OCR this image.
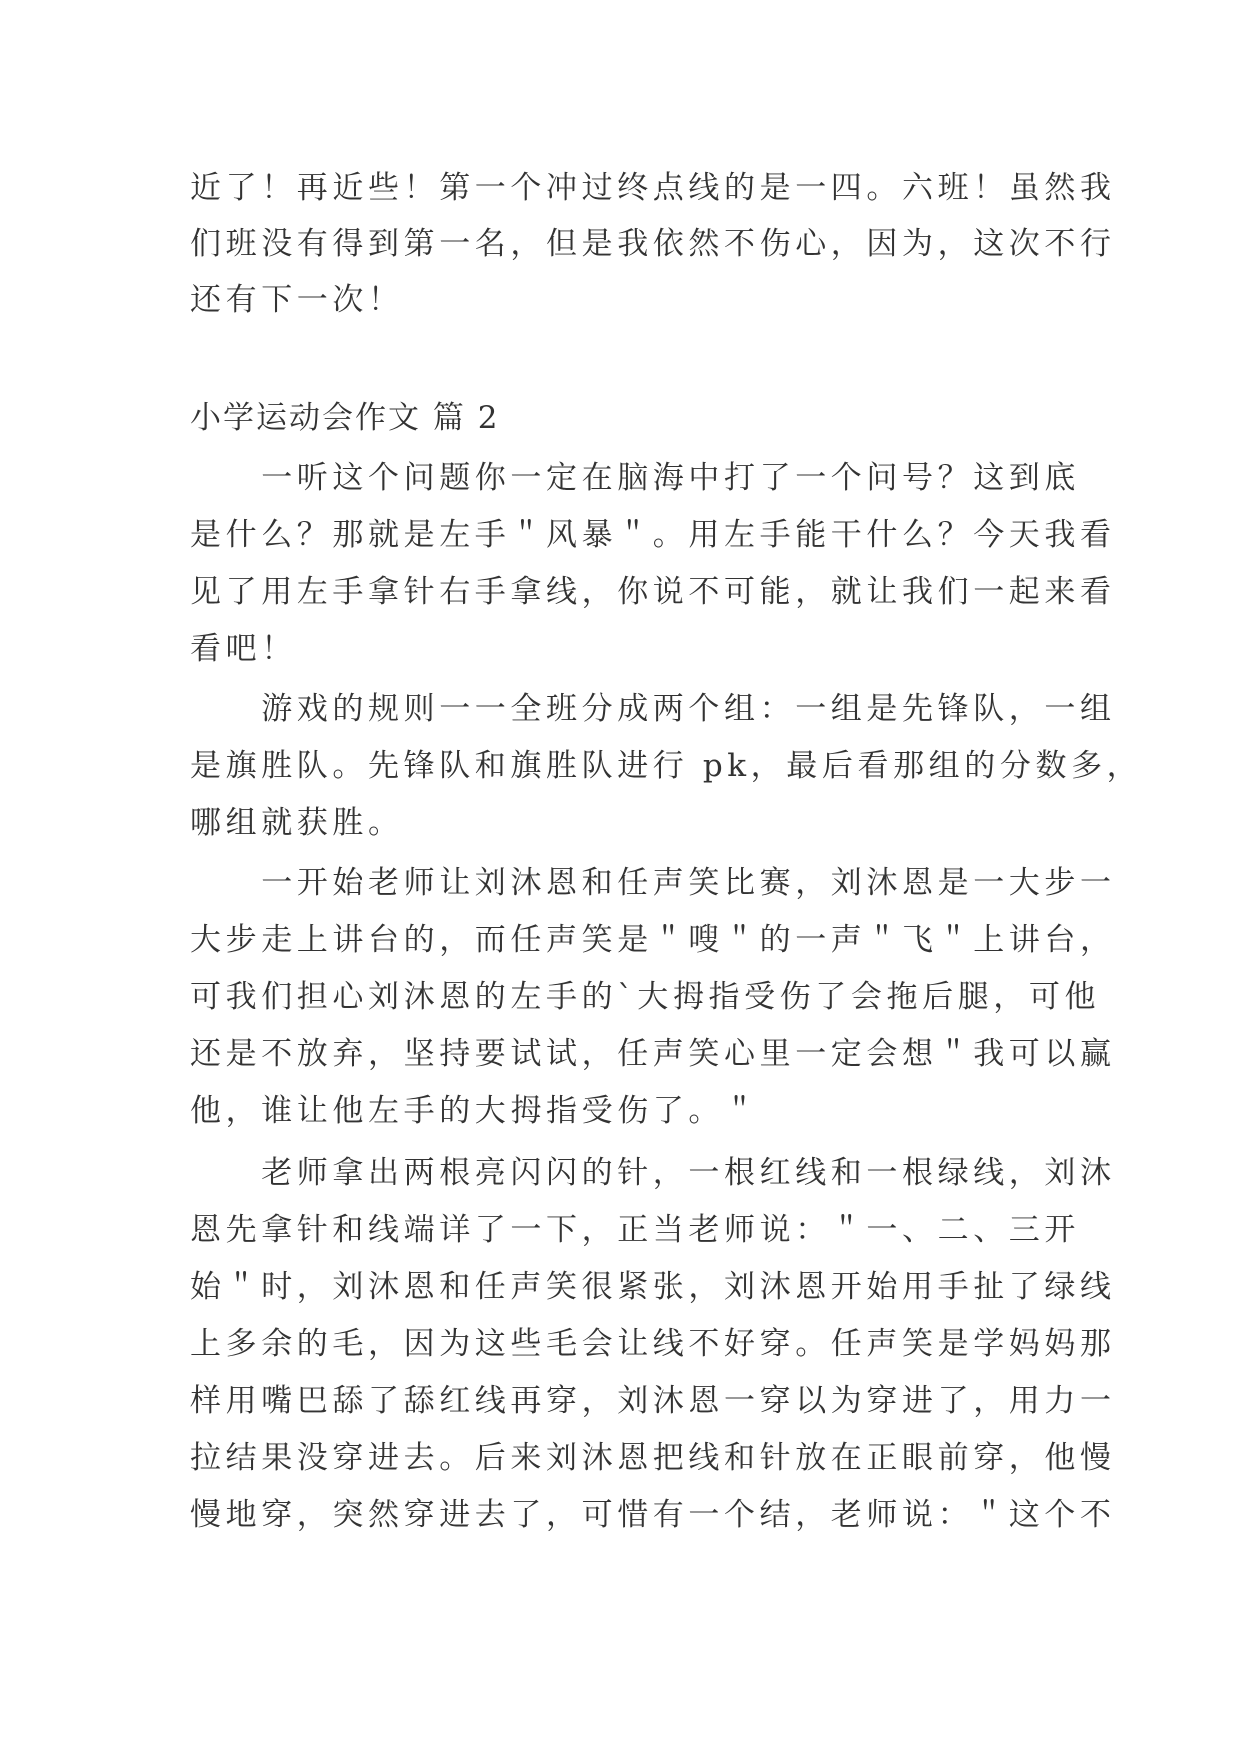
近了！再近些！第一个冲过终点线的是一四。六班！虽然我
们班没有得到第一名，但是我依然不伤心，因为，这次不行
还有下一次！
小学运动会作文 篇 2
　　一听这个问题你一定在脑海中打了一个问号？这到底
是什么？那就是左手＂风暴＂。用左手能干什么？今天我看
见了用左手拿针右手拿线，你说不可能，就让我们一起来看
看吧！
　　游戏的规则一一全班分成两个组：一组是先锋队，一组
是旗胜队。先锋队和旗胜队进行 pk，最后看那组的分数多，
哪组就获胜。
　　一开始老师让刘沐恩和任声笑比赛，刘沐恩是一大步一
大步走上讲台的，而任声笑是＂嗖＂的一声＂飞＂上讲台，
可我们担心刘沐恩的左手的`大拇指受伤了会拖后腿，可他
还是不放弃，坚持要试试，任声笑心里一定会想＂我可以赢
他，谁让他左手的大拇指受伤了。＂
　　老师拿出两根亮闪闪的针，一根红线和一根绿线，刘沐
恩先拿针和线端详了一下，正当老师说：＂一、二、三开
始＂时，刘沐恩和任声笑很紧张，刘沐恩开始用手扯了绿线
上多余的毛，因为这些毛会让线不好穿。任声笑是学妈妈那
样用嘴巴舔了舔红线再穿，刘沐恩一穿以为穿进了，用力一
拉结果没穿进去。后来刘沐恩把线和针放在正眼前穿，他慢
慢地穿，突然穿进去了，可惜有一个结，老师说：＂这个不
